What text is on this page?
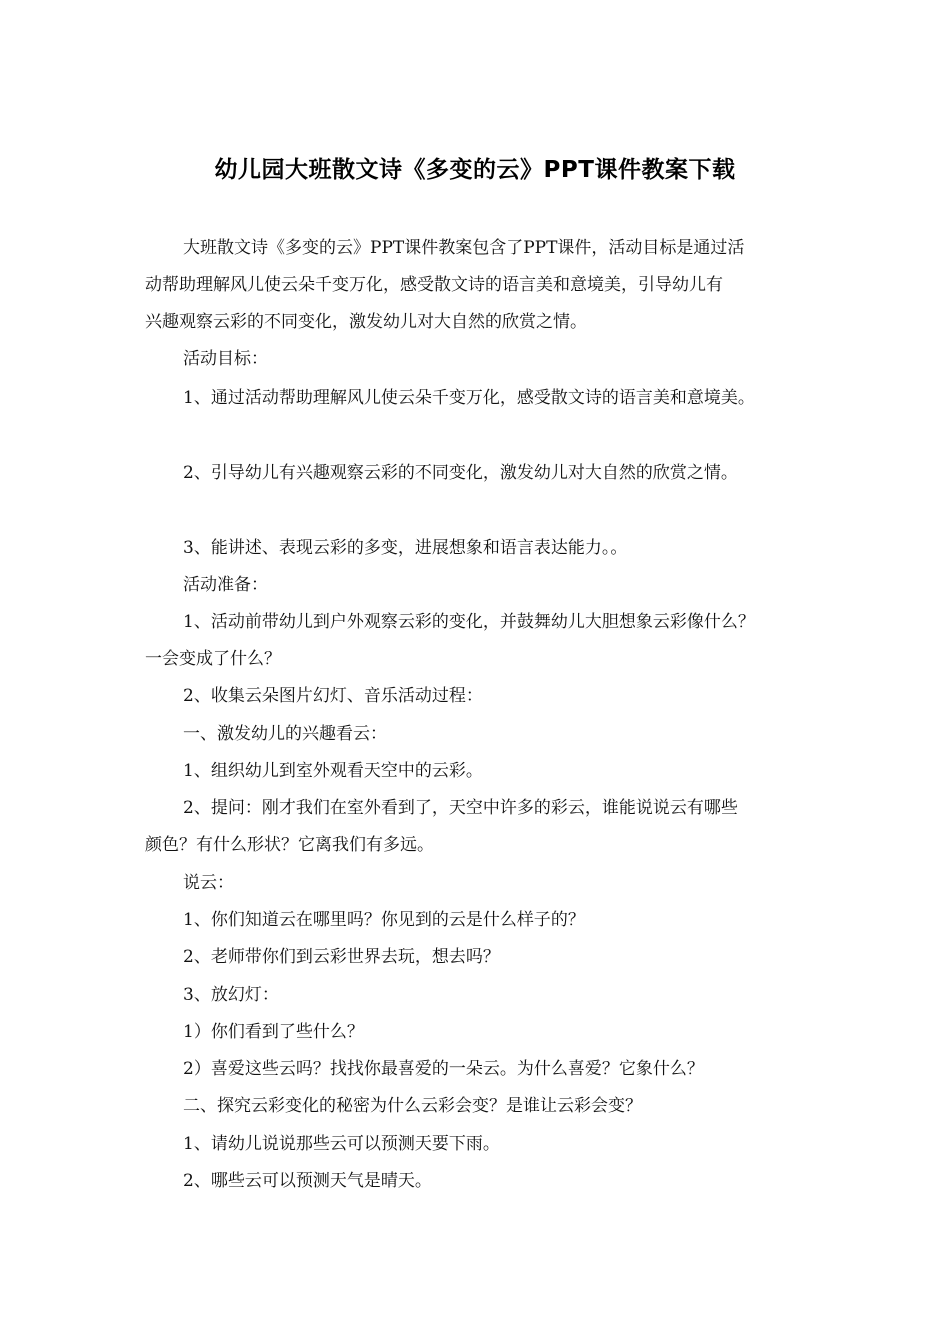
幼儿园大班散文诗《多变的云》PPT课件教案下载
大班散文诗《多变的云》PPT课件教案包含了PPT课件，活动目标是通过活
动帮助理解风儿使云朵千变万化，感受散文诗的语言美和意境美，引导幼儿有
兴趣观察云彩的不同变化，激发幼儿对大自然的欣赏之情。
活动目标：
1、通过活动帮助理解风儿使云朵千变万化，感受散文诗的语言美和意境美。
2、引导幼儿有兴趣观察云彩的不同变化，激发幼儿对大自然的欣赏之情。
3、能讲述、表现云彩的多变，进展想象和语言表达能力。。
活动准备：
1、活动前带幼儿到户外观察云彩的变化，并鼓舞幼儿大胆想象云彩像什么？
一会变成了什么？
2、收集云朵图片幻灯、音乐活动过程：
一、激发幼儿的兴趣看云：
1、组织幼儿到室外观看天空中的云彩。
2、提问：刚才我们在室外看到了，天空中许多的彩云，谁能说说云有哪些
颜色？有什么形状？它离我们有多远。
说云：
1、你们知道云在哪里吗？你见到的云是什么样子的？
2、老师带你们到云彩世界去玩，想去吗？
3、放幻灯：
1）你们看到了些什么？
2）喜爱这些云吗？找找你最喜爱的一朵云。为什么喜爱？它象什么？
二、探究云彩变化的秘密为什么云彩会变？是谁让云彩会变？
1、请幼儿说说那些云可以预测天要下雨。
2、哪些云可以预测天气是晴天。
